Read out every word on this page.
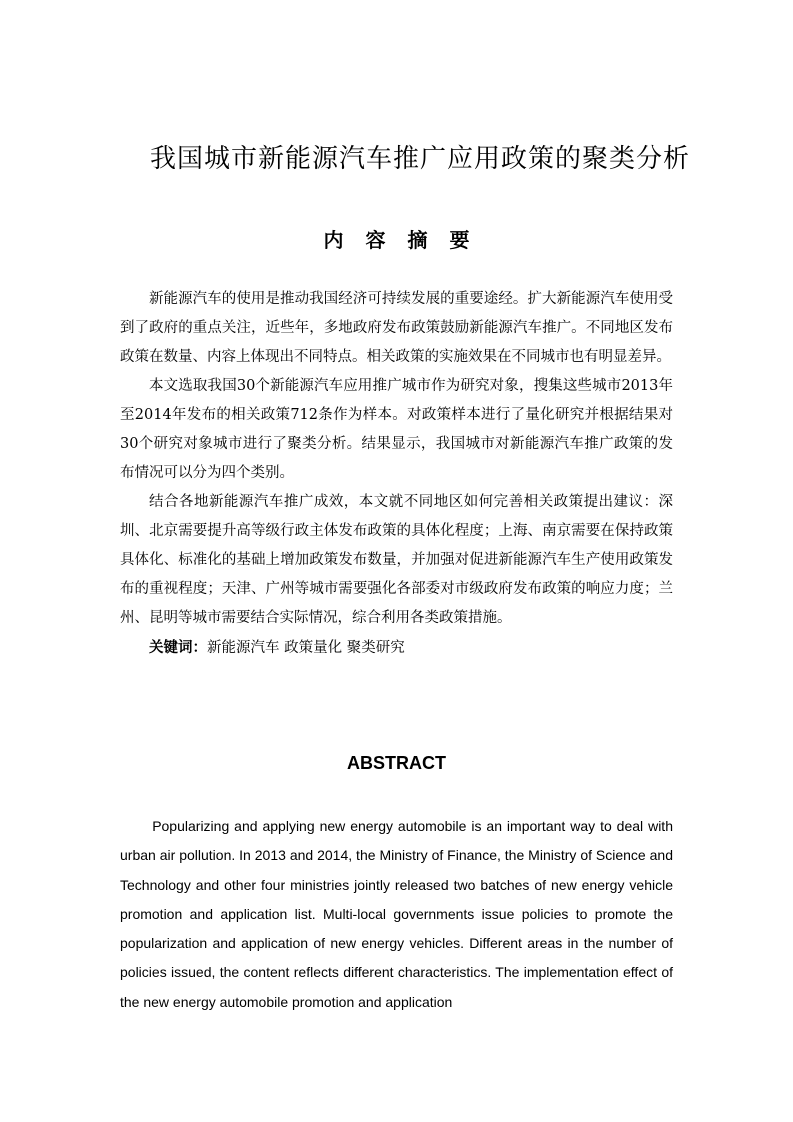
我国城市新能源汽车推广应用政策的聚类分析
内容摘要

新能源汽车的使用是推动我国经济可持续发展的重要途经。扩大新能源汽车使用受到了政府的重点关注，近些年，多地政府发布政策鼓励新能源汽车推广。不同地区发布政策在数量、内容上体现出不同特点。相关政策的实施效果在不同城市也有明显差异。

本文选取我国30个新能源汽车应用推广城市作为研究对象，搜集这些城市2013年至2014年发布的相关政策712条作为样本。对政策样本进行了量化研究并根据结果对30个研究对象城市进行了聚类分析。结果显示，我国城市对新能源汽车推广政策的发布情况可以分为四个类别。

结合各地新能源汽车推广成效，本文就不同地区如何完善相关政策提出建议：深圳、北京需要提升高等级行政主体发布政策的具体化程度；上海、南京需要在保持政策具体化、标准化的基础上增加政策发布数量，并加强对促进新能源汽车生产使用政策发布的重视程度；天津、广州等城市需要强化各部委对市级政府发布政策的响应力度；兰州、昆明等城市需要结合实际情况，综合利用各类政策措施。

关键词：新能源汽车 政策量化 聚类研究

ABSTRACT

Popularizing and applying new energy automobile is an important way to deal with urban air pollution. In 2013 and 2014, the Ministry of Finance, the Ministry of Science and Technology and other four ministries jointly released two batches of new energy vehicle promotion and application list. Multi-local governments issue policies to promote the popularization and application of new energy vehicles. Different areas in the number of policies issued, the content reflects different characteristics. The implementation effect of the new energy automobile promotion and application
